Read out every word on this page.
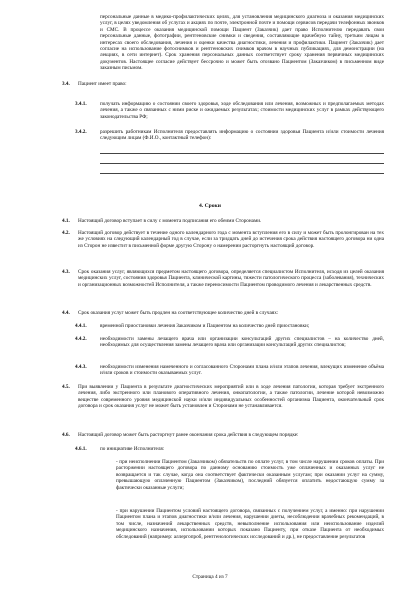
персональные данные в медико-профилактических целях, для установления медицинского диагноза и оказания медицинских услуг, в целях уведомления об услугах и акциях по почте, электронной почте и помощи сервисов передачи телефонных звонков и СМС. В процессе оказания медицинской помощи Пациент (Заказчик) дает право Исполнителю передавать свои персональные данные, фотографии, рентгеновские снимки и сведения, составляющие врачебную тайну, третьим лицам в интересах своего обследования, лечения и оценки качества диагностики, лечения и профилактики. Пациент (Заказчик) дает согласие на использование фотоснимков и рентгеновских снимков врачом в научных публикациях, для демонстрации (на лекциях, в сети интернет). Срок хранения персональных данных соответствует сроку хранения первичных медицинских документов. Настоящее согласие действует бессрочно и может быть отозвано Пациентом (Заказчиком) в письменном виде заказным письмом.
3.4. Пациент имеет право:
3.4.1.	получать информацию о состоянии своего здоровья, ходе обследования или лечения, возможных и предполагаемых методах лечения, а также о связанных с ними риске и ожидаемых результатах; стоимости медицинских услуг в рамках действующего законодательства РФ;
3.4.2.	разрешить работникам Исполнителя предоставлять информацию о состоянии здоровья Пациента и/или стоимости лечения следующим лицам (Ф.И.О., контактный телефон):
4. Сроки
4.1. Настоящий договор вступает в силу с момента подписания его обеими Сторонами.
4.2. Настоящий договор действует в течение одного календарного года с момента вступления его в силу и может быть пролонгирован на тех же условиях на следующий календарный год в случае, если за тридцать дней до истечения срока действия настоящего договора ни одна из Сторон не известит в письменной форме другую Сторону о намерении расторгнуть настоящий договор.
4.3. Срок оказания услуг, являющихся предметом настоящего договора, определяется специалистом Исполнителя, исходя из целей оказания медицинских услуг, состояния здоровья Пациента, клинической картины, тяжести патологического процесса (заболевания), технических и организационных возможностей Исполнителя, а также переносимости Пациентом проводимого лечения и лекарственных средств.
4.4. Срок оказания услуг может быть продлен на соответствующее количество дней в случаях:
4.4.1.	временной приостановки лечения Заказчиком и Пациентом на количество дней приостановки;
4.4.2.	необходимости замены лечащего врача или организации консультаций других специалистов – на количество дней, необходимых для осуществления замены лечащего врача или организации консультаций других специалистов;
4.4.3.	необходимости изменения намеченного и согласованного Сторонами плана и/или этапов лечения, влекущих изменение объёма и/или сроков и стоимости оказываемых услуг.
4.5. При выявлении у Пациента в результате диагностических мероприятий или в ходе лечения патологии, которая требует экстренного лечения, либо экстренного или планового оперативного лечения, онкопатологии, а также патологии, лечение которой невозможно веществе современного уровня медицинской науки и/или индивидуальных особенностей организма Пациента, окончательный срок договора и срок оказания услуг не может быть установлен и Сторонами не устанавливается.
4.6. Настоящий договор может быть расторгнут ранее окончания срока действия в следующем порядке:
4.6.1.	по инициативе Исполнителя:
- при неисполнении Пациентом (Заказчиком) обязательств по оплате услуг, в том числе нарушении сроков оплаты. При расторжении настоящего договора по данному основанию стоимость уже оплаченных и оказанных услуг не возвращается и так случае, когда она соответствует фактически оказанным услугам; при оказании услуг на сумму, превышающую оплаченную Пациентом (Заказчиком), последний обязуется оплатить недостающую сумму за фактически оказанные услуги;
- при нарушении Пациентом условий настоящего договора, связанных с получением услуг, а именно: при нарушении Пациентом плана и этапов диагностики и/или лечения, нарушении диеты, несоблюдении врачебных рекомендаций, в том числе, назначений лекарственных средств, невыполнение использования или неиспользование изделий медицинского назначения, использовании которых показано Пациенту, при отказе Пациента от необходимых обследований (например: аллергопроб, рентгенологических исследований и др.), не предоставление результатов
Страница 4 из 7
